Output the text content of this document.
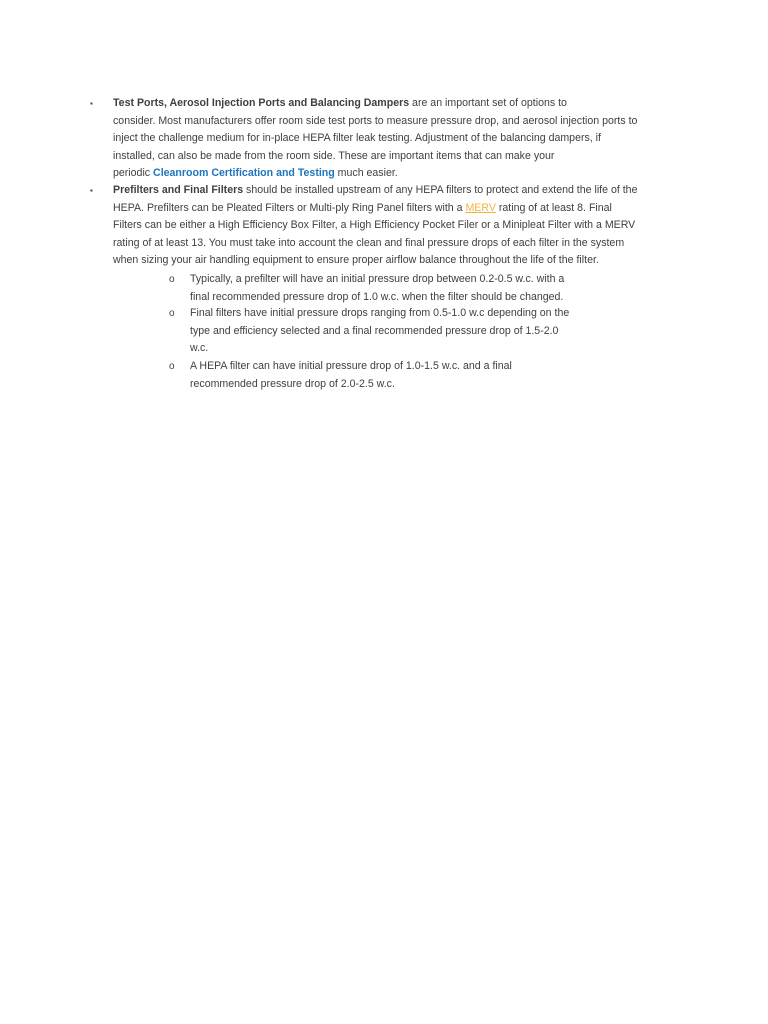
▪ Test Ports, Aerosol Injection Ports and Balancing Dampers are an important set of options to
consider. Most manufacturers offer room side test ports to measure pressure drop, and aerosol injection ports to
inject the challenge medium for in-place HEPA filter leak testing. Adjustment of the balancing dampers, if
installed, can also be made from the room side. These are important items that can make your
periodic Cleanroom Certification and Testing much easier.
▪ Prefilters and Final Filters should be installed upstream of any HEPA filters to protect and extend the life of the
HEPA. Prefilters can be Pleated Filters or Multi-ply Ring Panel filters with a MERV rating of at least 8. Final
Filters can be either a High Efficiency Box Filter, a High Efficiency Pocket Filer or a Minipleat Filter with a MERV
rating of at least 13. You must take into account the clean and final pressure drops of each filter in the system
when sizing your air handling equipment to ensure proper airflow balance throughout the life of the filter.
o Typically, a prefilter will have an initial pressure drop between 0.2-0.5 w.c. with a
final recommended pressure drop of 1.0 w.c. when the filter should be changed.
o Final filters have initial pressure drops ranging from 0.5-1.0 w.c depending on the
type and efficiency selected and a final recommended pressure drop of 1.5-2.0
w.c.
o A HEPA filter can have initial pressure drop of 1.0-1.5 w.c. and a final
recommended pressure drop of 2.0-2.5 w.c.
